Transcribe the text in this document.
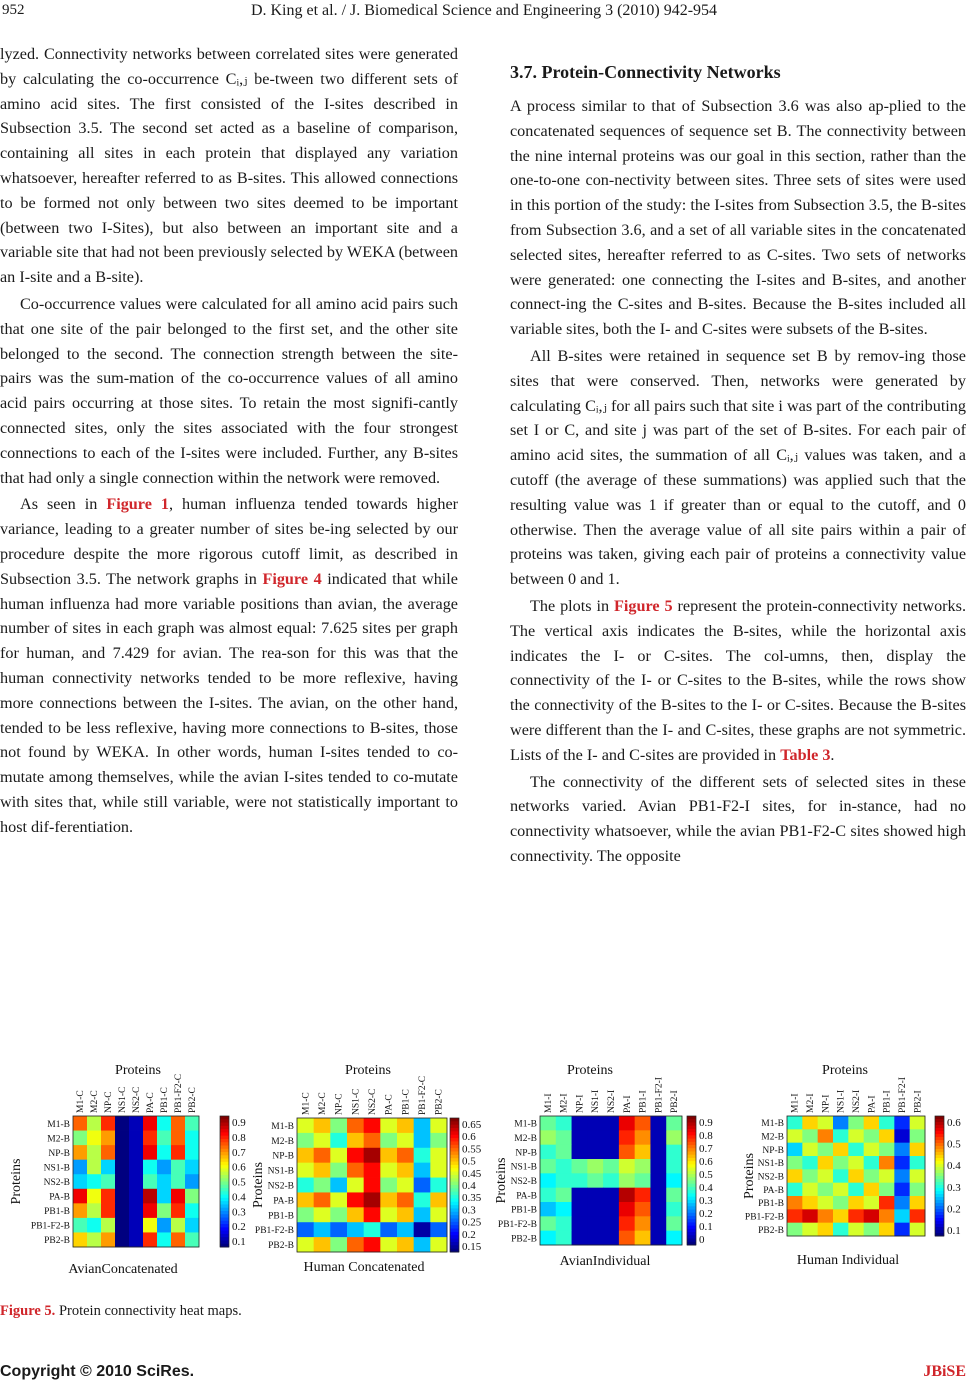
952	D. King et al. / J. Biomedical Science and Engineering 3 (2010) 942-954

lyzed. Connectivity networks between correlated sites were generated by calculating the co-occurrence Cᵢ,ⱼ be-tween two different sets of amino acid sites. The first consisted of the I-sites described in Subsection 3.5. The second set acted as a baseline of comparison, containing all sites in each protein that displayed any variation whatsoever, hereafter referred to as B-sites. This allowed connections to be formed not only between two sites deemed to be important (between two I-Sites), but also between an important site and a variable site that had not been previously selected by WEKA (between an I-site and a B-site).

Co-occurrence values were calculated for all amino acid pairs such that one site of the pair belonged to the first set, and the other site belonged to the second. The connection strength between the site-pairs was the sum-mation of the co-occurrence values of all amino acid pairs occurring at those sites. To retain the most signifi-cantly connected sites, only the sites associated with the four strongest connections to each of the I-sites were included. Further, any B-sites that had only a single connection within the network were removed.

As seen in Figure 1, human influenza tended towards higher variance, leading to a greater number of sites be-ing selected by our procedure despite the more rigorous cutoff limit, as described in Subsection 3.5. The network graphs in Figure 4 indicated that while human influenza had more variable positions than avian, the average number of sites in each graph was almost equal: 7.625 sites per graph for human, and 7.429 for avian. The rea-son for this was that the human connectivity networks tended to be more reflexive, having more connections between the I-sites. The avian, on the other hand, tended to be less reflexive, having more connections to B-sites, those not found by WEKA. In other words, human I-sites tended to co-mutate among themselves, while the avian I-sites tended to co-mutate with sites that, while still variable, were not statistically important to host dif-ferentiation.

3.7. Protein-Connectivity Networks

A process similar to that of Subsection 3.6 was also ap-plied to the concatenated sequences of sequence set B. The connectivity between the nine internal proteins was our goal in this section, rather than the one-to-one con-nectivity between sites. Three sets of sites were used in this portion of the study: the I-sites from Subsection 3.5, the B-sites from Subsection 3.6, and a set of all variable sites in the concatenated selected sites, hereafter referred to as C-sites. Two sets of networks were generated: one connecting the I-sites and B-sites, and another connect-ing the C-sites and B-sites. Because the B-sites included all variable sites, both the I- and C-sites were subsets of the B-sites.

All B-sites were retained in sequence set B by remov-ing those sites that were conserved. Then, networks were generated by calculating Cᵢ,ⱼ for all pairs such that site i was part of the contributing set I or C, and site j was part of the set of B-sites. For each pair of amino acid sites, the summation of all Cᵢ,ⱼ values was taken, and a cutoff (the average of these summations) was applied such that the resulting value was 1 if greater than or equal to the cutoff, and 0 otherwise. Then the average value of all site pairs within a pair of proteins was taken, giving each pair of proteins a connectivity value between 0 and 1.

The plots in Figure 5 represent the protein-connectivity networks. The vertical axis indicates the B-sites, while the horizontal axis indicates the I- or C-sites. The col-umns, then, display the connectivity of the I- or C-sites to the B-sites, while the rows show the connectivity of the B-sites to the I- or C-sites. Because the B-sites were different than the I- and C-sites, these graphs are not symmetric. Lists of the I- and C-sites are provided in Table 3.

The connectivity of the different sets of selected sites in these networks varied. Avian PB1-F2-I sites, for in-stance, had no connectivity whatsoever, while the avian PB1-F2-C sites showed high connectivity. The opposite

Proteins
Proteins
M1-C M2-C NP-C NS1-C NS2-C PA-C PB1-C PB1-F2-C PB2-C
M1-B
M2-B
NP-B
NS1-B
NS2-B
PA-B
PB1-B
PB1-F2-B
PB2-B
0.9
0.8
0.7
0.6
0.5
0.4
0.3
0.2
0.1
AvianConcatenated
Proteins
Proteins
M1-C M2-C NP-C NS1-C NS2-C PA-C PB1-C PB1-F2-C PB2-C
M1-B
M2-B
NP-B
NS1-B
NS2-B
PA-B
PB1-B
PB1-F2-B
PB2-B
0.65
0.6
0.55
0.5
0.45
0.4
0.35
0.3
0.25
0.2
0.15
Human Concatenated
Proteins
Proteins
M1-I M2-I NP-I NS1-I NS2-I PA-I PB1-I PB1-F2-I PB2-I
M1-B
M2-B
NP-B
NS1-B
NS2-B
PA-B
PB1-B
PB1-F2-B
PB2-B
0.9
0.8
0.7
0.6
0.5
0.4
0.3
0.2
0.1
0
AvianIndividual
Proteins
Proteins
M1-I M2-I NP-I NS1-I NS2-I PA-I PB1-I PB1-F2-I PB2-I
M1-B
M2-B
NP-B
NS1-B
NS2-B
PA-B
PB1-B
PB1-F2-B
PB2-B
0.6
0.5
0.4
0.3
0.2
0.1
Human Individual
Figure 5. Protein connectivity heat maps.
Copyright © 2010 SciRes.	JBiSE
